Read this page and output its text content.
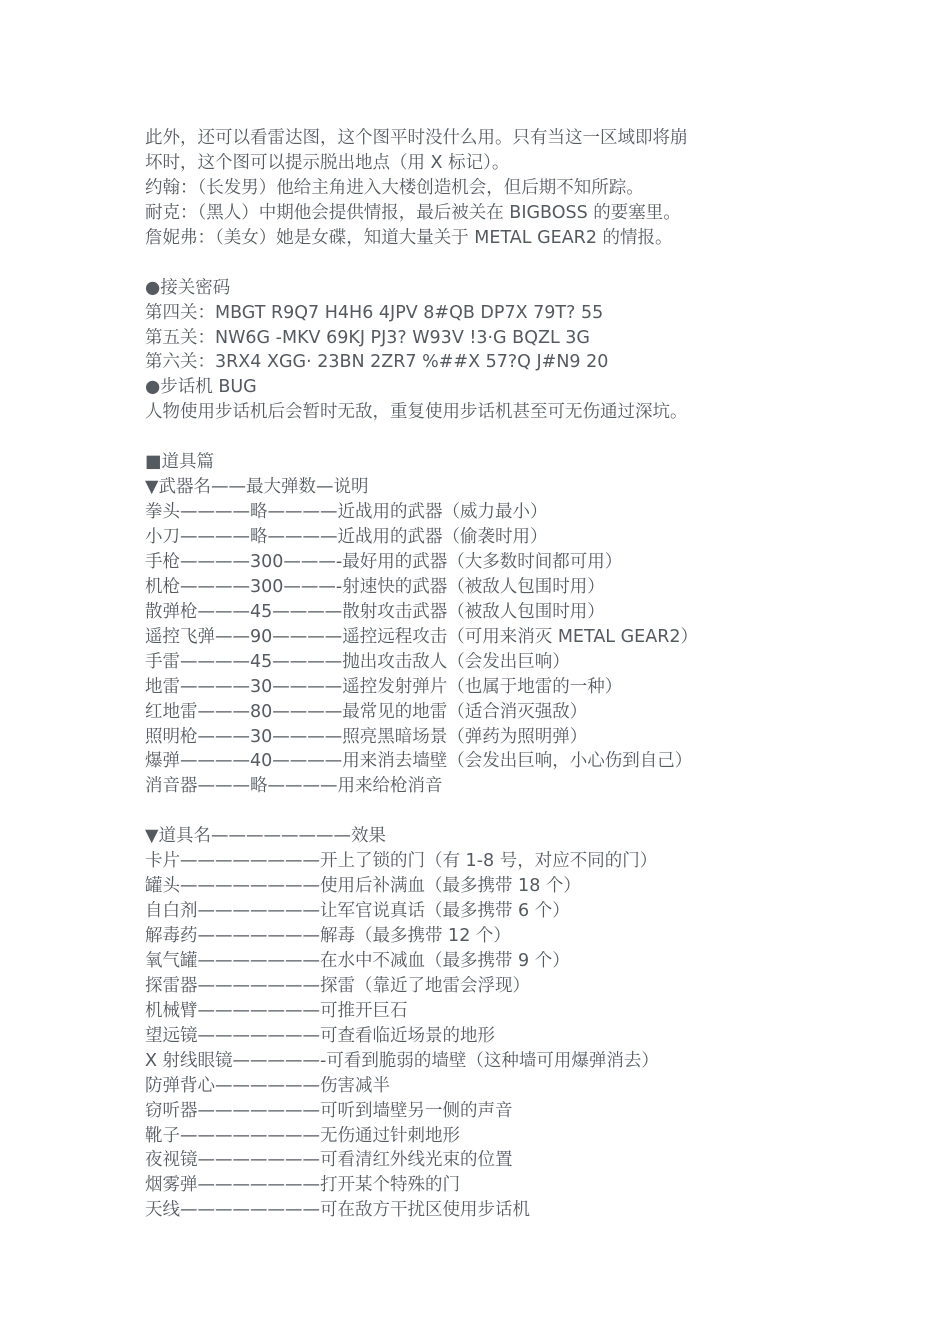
此外，还可以看雷达图，这个图平时没什么用。只有当这一区域即将崩
坏时，这个图可以提示脱出地点（用 X 标记）。
约翰：（长发男）他给主角进入大楼创造机会，但后期不知所踪。
耐克：（黑人）中期他会提供情报，最后被关在 BIGBOSS 的要塞里。
詹妮弗：（美女）她是女碟，知道大量关于 METAL GEAR2 的情报。
●接关密码
第四关：MBGT R9Q7 H4H6 4JPV 8#QB DP7X 79T? 55
第五关：NW6G -MKV 69KJ PJ3? W93V !3·G BQZL 3G
第六关：3RX4 XGG· 23BN 2ZR7 %##X 57?Q J#N9 20
●步话机 BUG
人物使用步话机后会暂时无敌，重复使用步话机甚至可无伤通过深坑。
■道具篇
▼武器名——最大弹数—说明
拳头————略————近战用的武器（威力最小）
小刀————略————近战用的武器（偷袭时用）
手枪————300———-最好用的武器（大多数时间都可用）
机枪————300———-射速快的武器（被敌人包围时用）
散弹枪———45————散射攻击武器（被敌人包围时用）
遥控飞弹——90————遥控远程攻击（可用来消灭 METAL GEAR2）
手雷————45————抛出攻击敌人（会发出巨响）
地雷————30————遥控发射弹片（也属于地雷的一种）
红地雷———80————最常见的地雷（适合消灭强敌）
照明枪———30————照亮黑暗场景（弹药为照明弹）
爆弹————40————用来消去墙壁（会发出巨响，小心伤到自己）
消音器———略————用来给枪消音
▼道具名————————效果
卡片————————开上了锁的门（有 1-8 号，对应不同的门）
罐头————————使用后补满血（最多携带 18 个）
自白剂———————让军官说真话（最多携带 6 个）
解毒药———————解毒（最多携带 12 个）
氧气罐———————在水中不减血（最多携带 9 个）
探雷器———————探雷（靠近了地雷会浮现）
机械臂———————可推开巨石
望远镜———————可查看临近场景的地形
X 射线眼镜—————-可看到脆弱的墙壁（这种墙可用爆弹消去）
防弹背心——————伤害减半
窃听器———————可听到墙壁另一侧的声音
靴子————————无伤通过针刺地形
夜视镜———————可看清红外线光束的位置
烟雾弹———————打开某个特殊的门
天线————————可在敌方干扰区使用步话机
